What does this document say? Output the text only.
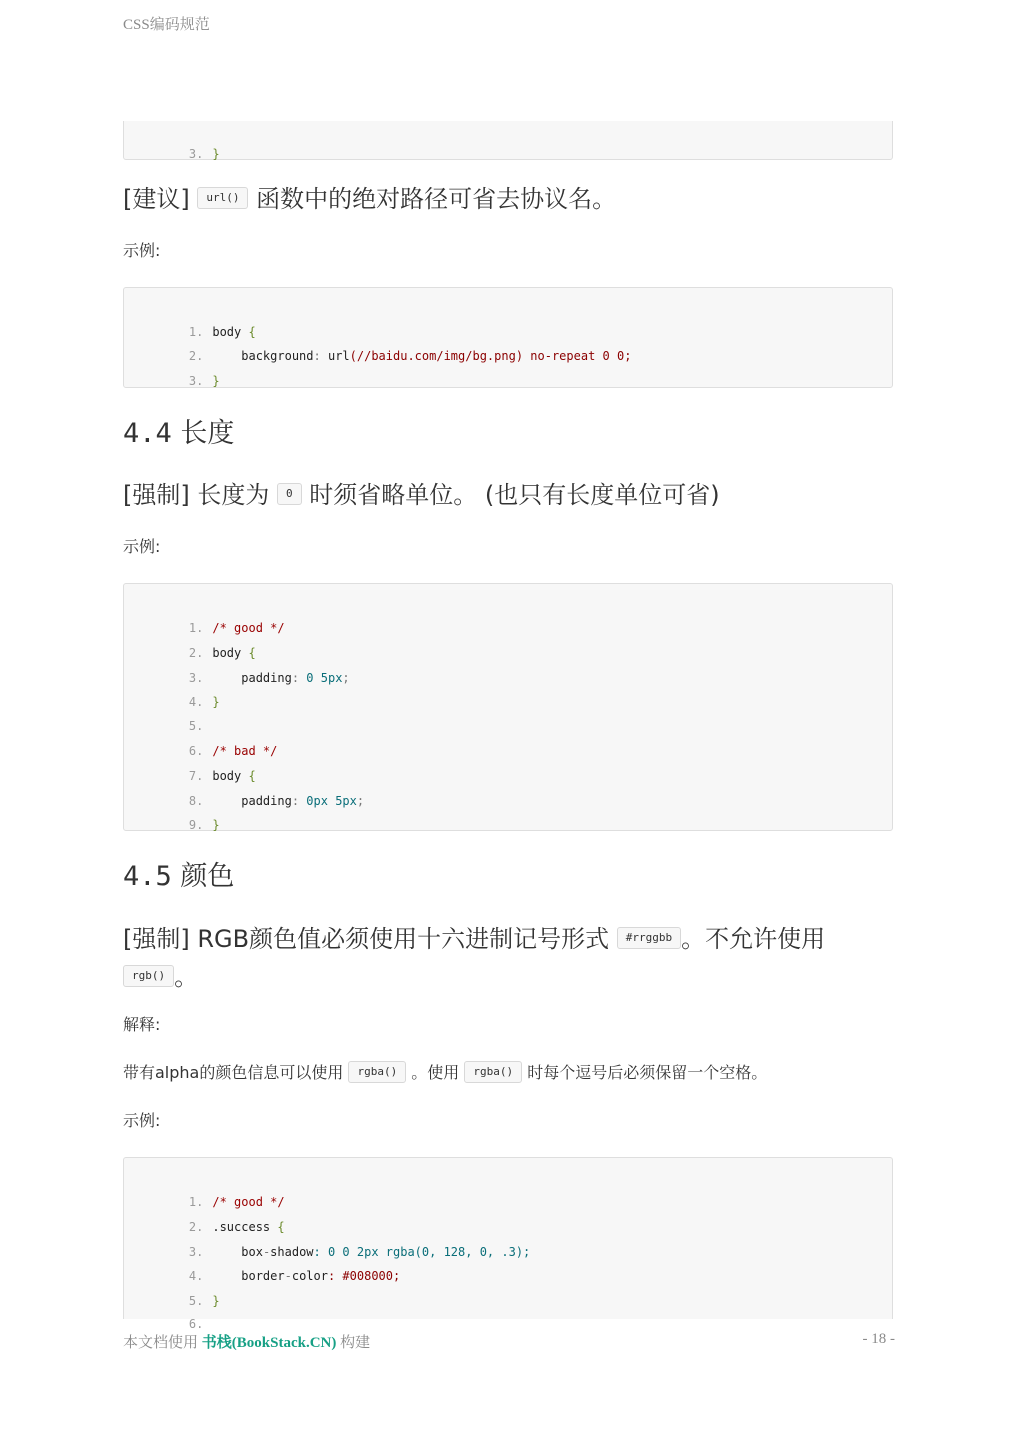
CSS编码规范

3. }

[建议] url() 函数中的绝对路径可省去协议名。

示例:

1. body {

2.    background: url(//baidu.com/img/bg.png) no-repeat 0 0;

3. }

4.4 长度
[强制] 长度为 0 时须省略单位。 (也只有长度单位可省)

示例:

1. /* good */

2. body {

3.    padding: 0 5px;

4. }

5.

6. /* bad */

7. body {

8.    padding: 0px 5px;

9. }

4.5 颜色
[强制] RGB颜色值必须使用十六进制记号形式 #rrggbb 。不允许使用
rgb() 。

解释:

带有alpha的颜色信息可以使用 rgba() 。使用 rgba() 时每个逗号后必须保留一个空格。

示例:

1. /* good */

2. .success {

3.    box-shadow: 0 0 2px rgba(0, 128, 0, .3);

4.    border-color: #008000;

5. }

6.

本文档使用 书栈(BookStack.CN) 构建	- 18 -
